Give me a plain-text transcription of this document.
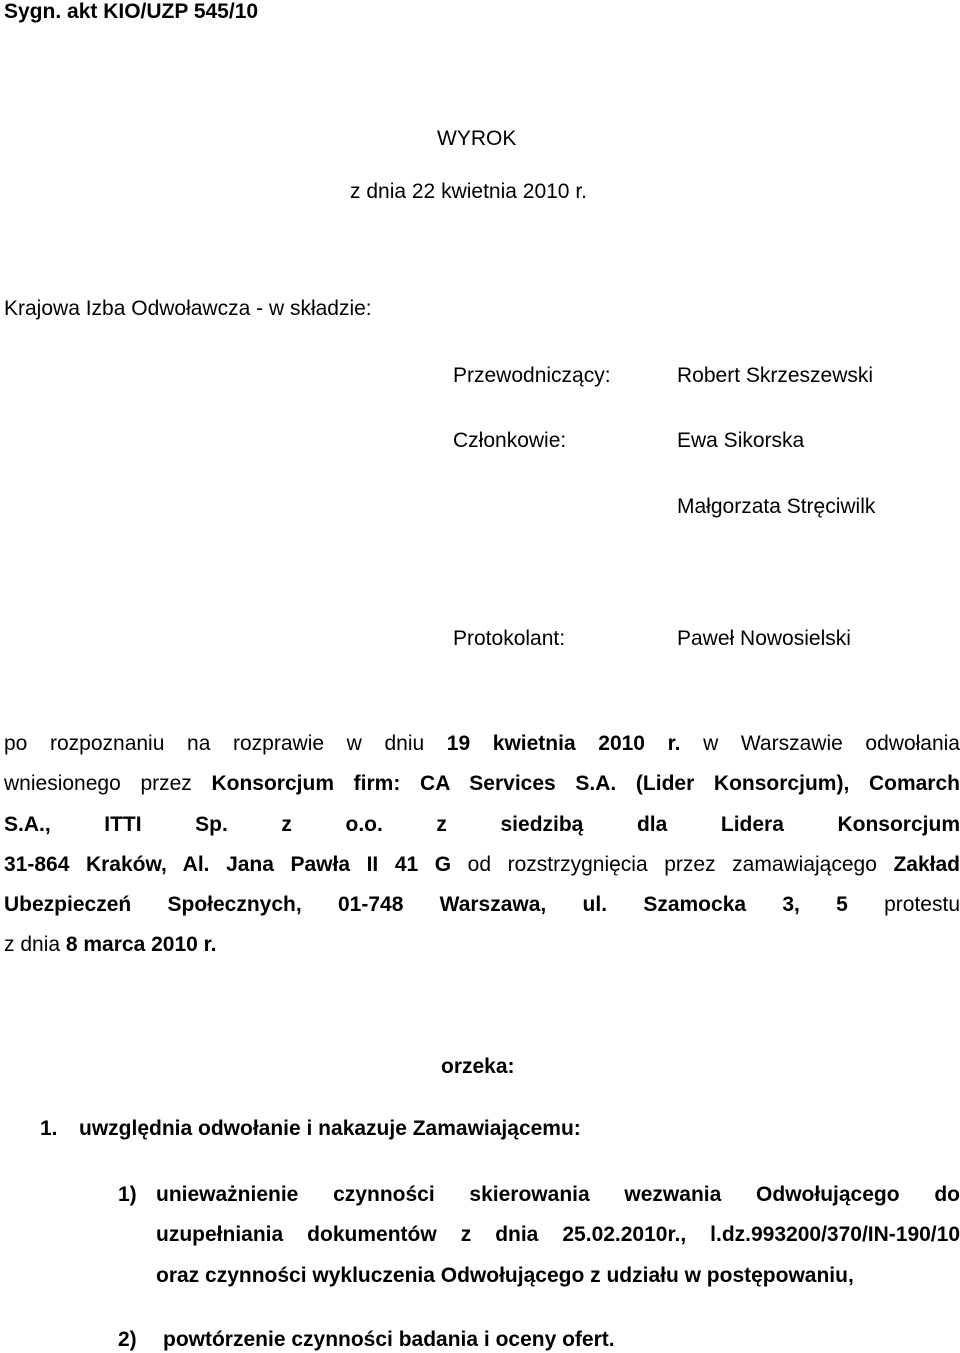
Sygn. akt KIO/UZP 545/10
WYROK
z dnia 22 kwietnia 2010 r.
Krajowa Izba Odwoławcza - w składzie:
Przewodniczący:	Robert Skrzeszewski
Członkowie:	Ewa Sikorska
Małgorzata Stręciwilk
Protokolant:	Paweł Nowosielski
po rozpoznaniu na rozprawie w dniu 19 kwietnia 2010 r. w Warszawie odwołania
wniesionego przez Konsorcjum firm: CA Services S.A. (Lider Konsorcjum), Comarch
S.A., ITTI Sp. z o.o. z siedzibą dla Lidera Konsorcjum
31-864 Kraków, Al. Jana Pawła II 41 G od rozstrzygnięcia przez zamawiającego Zakład
Ubezpieczeń Społecznych, 01-748 Warszawa, ul. Szamocka 3, 5 protestu
z dnia 8 marca 2010 r.
orzeka:
1. uwzględnia odwołanie i nakazuje Zamawiającemu:
1) unieważnienie czynności skierowania wezwania Odwołującego do
uzupełniania dokumentów z dnia 25.02.2010r., l.dz.993200/370/IN-190/10
oraz czynności wykluczenia Odwołującego z udziału w postępowaniu,
2) powtórzenie czynności badania i oceny ofert.
